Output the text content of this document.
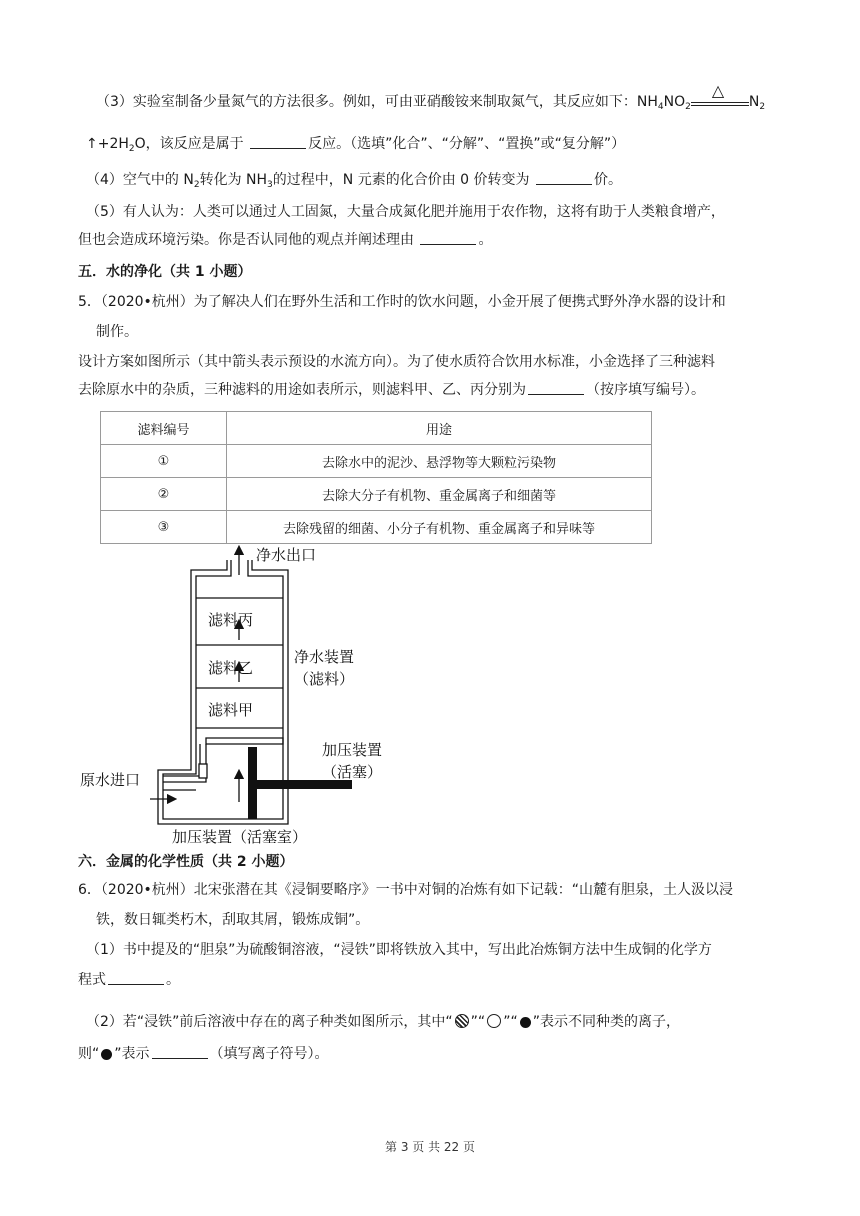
（3）实验室制备少量氮气的方法很多。例如，可由亚硝酸铵来制取氮气，其反应如下：$NH_4NO_2$
△
$N_2$
$↑+2H_2O$，该反应是属于	反应。（选填”化合”、“分解”、“置换”或“复分解”）
（4）空气中的 $N_2$转化为 $NH_3$的过程中，N 元素的化合价由 0 价转变为	价。
（5）有人认为：人类可以通过人工固氮，大量合成氮化肥并施用于农作物，这将有助于人类粮食增产，
但也会造成环境污染。你是否认同他的观点并阐述理由	。
五．水的净化（共 1 小题）
5．（2020•杭州）为了解决人们在野外生活和工作时的饮水问题，小金开展了便携式野外净水器的设计和
制作。
设计方案如图所示（其中箭头表示预设的水流方向）。为了使水质符合饮用水标准，小金选择了三种滤料
去除原水中的杂质，三种滤料的用途如表所示，则滤料甲、乙、丙分别为	（按序填写编号）。
滤料编号	用途
①	去除水中的泥沙、悬浮物等大颗粒污染物
②	去除大分子有机物、重金属离子和细菌等
③	去除残留的细菌、小分子有机物、重金属离子和异味等
净水出口
滤料丙
滤料乙
滤料甲
净水装置
（滤料）
加压装置
（活塞）
原水进口
加压装置（活塞室）
六．金属的化学性质（共 2 小题）
6．（2020•杭州）北宋张潜在其《浸铜要略序》一书中对铜的冶炼有如下记载：“山麓有胆泉，土人汲以浸
铁，数日辄类朽木，刮取其屑，锻炼成铜”。
（1）书中提及的“胆泉”为硫酸铜溶液，“浸铁”即将铁放入其中，写出此冶炼铜方法中生成铜的化学方
程式	。
（2）若“浸铁”前后溶液中存在的离子种类如图所示，其中“ ”“ ”“ ”表示不同种类的离子，
则“ ”表示	（填写离子符号）。
第 3 页 共 22 页
